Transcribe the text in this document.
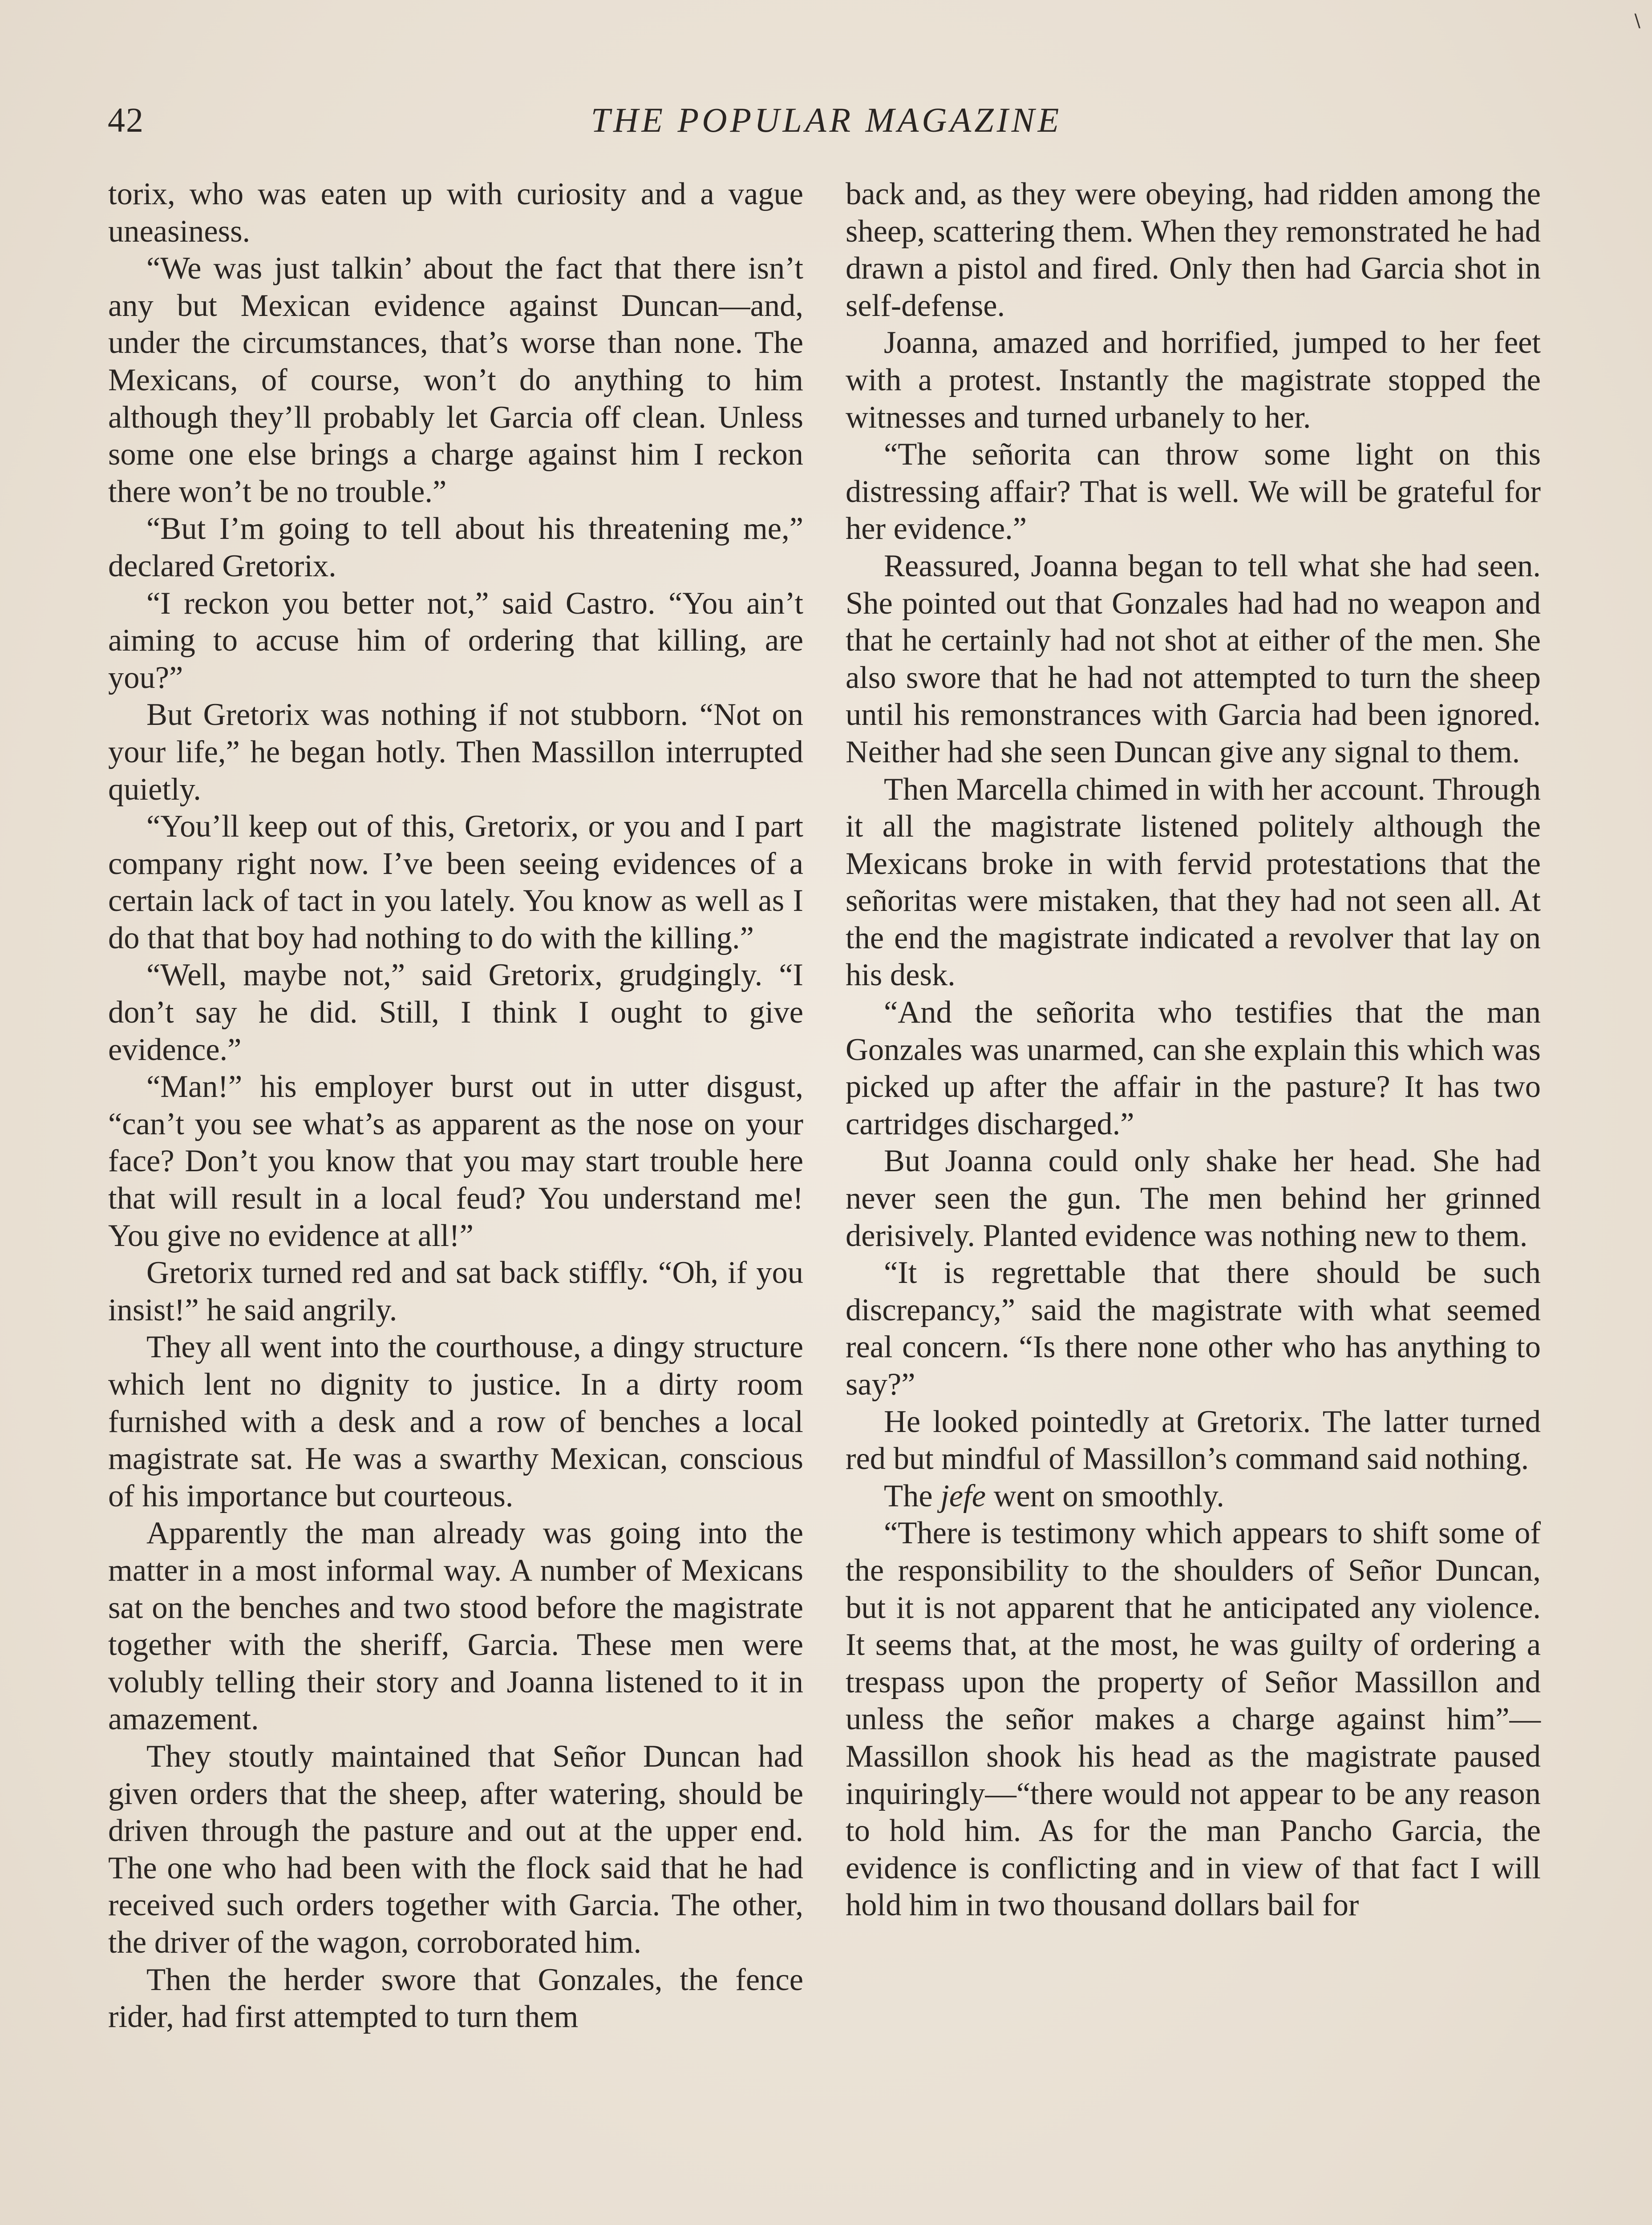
\
42	THE POPULAR MAGAZINE

torix, who was eaten up with curiosity and a vague uneasiness.

“We was just talkin’ about the fact that there isn’t any but Mexican evidence against Duncan—and, under the circumstances, that’s worse than none. The Mexicans, of course, won’t do anything to him although they’ll probably let Garcia off clean. Unless some one else brings a charge against him I reckon there won’t be no trouble.”

“But I’m going to tell about his threatening me,” declared Gretorix.

“I reckon you better not,” said Castro. “You ain’t aiming to accuse him of ordering that killing, are you?”

But Gretorix was nothing if not stubborn. “Not on your life,” he began hotly. Then Massillon interrupted quietly.

“You’ll keep out of this, Gretorix, or you and I part company right now. I’ve been seeing evidences of a certain lack of tact in you lately. You know as well as I do that that boy had nothing to do with the killing.”

“Well, maybe not,” said Gretorix, grudgingly. “I don’t say he did. Still, I think I ought to give evidence.”

“Man!” his employer burst out in utter disgust, “can’t you see what’s as apparent as the nose on your face? Don’t you know that you may start trouble here that will result in a local feud? You understand me! You give no evidence at all!”

Gretorix turned red and sat back stiffly. “Oh, if you insist!” he said angrily.

They all went into the courthouse, a dingy structure which lent no dignity to justice. In a dirty room furnished with a desk and a row of benches a local magistrate sat. He was a swarthy Mexican, conscious of his importance but courteous.

Apparently the man already was going into the matter in a most informal way. A number of Mexicans sat on the benches and two stood before the magistrate together with the sheriff, Garcia. These men were volubly telling their story and Joanna listened to it in amazement.

They stoutly maintained that Señor Duncan had given orders that the sheep, after watering, should be driven through the pasture and out at the upper end. The one who had been with the flock said that he had received such orders together with Garcia. The other, the driver of the wagon, corroborated him.

Then the herder swore that Gonzales, the fence rider, had first attempted to turn them

back and, as they were obeying, had ridden among the sheep, scattering them. When they remonstrated he had drawn a pistol and fired. Only then had Garcia shot in self-defense.

Joanna, amazed and horrified, jumped to her feet with a protest. Instantly the magistrate stopped the witnesses and turned urbanely to her.

“The señorita can throw some light on this distressing affair? That is well. We will be grateful for her evidence.”

Reassured, Joanna began to tell what she had seen. She pointed out that Gonzales had had no weapon and that he certainly had not shot at either of the men. She also swore that he had not attempted to turn the sheep until his remonstrances with Garcia had been ignored. Neither had she seen Duncan give any signal to them.

Then Marcella chimed in with her account. Through it all the magistrate listened politely although the Mexicans broke in with fervid protestations that the señoritas were mistaken, that they had not seen all. At the end the magistrate indicated a revolver that lay on his desk.

“And the señorita who testifies that the man Gonzales was unarmed, can she explain this which was picked up after the affair in the pasture? It has two cartridges discharged.”

But Joanna could only shake her head. She had never seen the gun. The men behind her grinned derisively. Planted evidence was nothing new to them.

“It is regrettable that there should be such discrepancy,” said the magistrate with what seemed real concern. “Is there none other who has anything to say?”

He looked pointedly at Gretorix. The latter turned red but mindful of Massillon’s command said nothing.

The jefe went on smoothly.

“There is testimony which appears to shift some of the responsibility to the shoulders of Señor Duncan, but it is not apparent that he anticipated any violence. It seems that, at the most, he was guilty of ordering a trespass upon the property of Señor Massillon and unless the señor makes a charge against him”—Massillon shook his head as the magistrate paused inquiringly—“there would not appear to be any reason to hold him. As for the man Pancho Garcia, the evidence is conflicting and in view of that fact I will hold him in two thousand dollars bail for
